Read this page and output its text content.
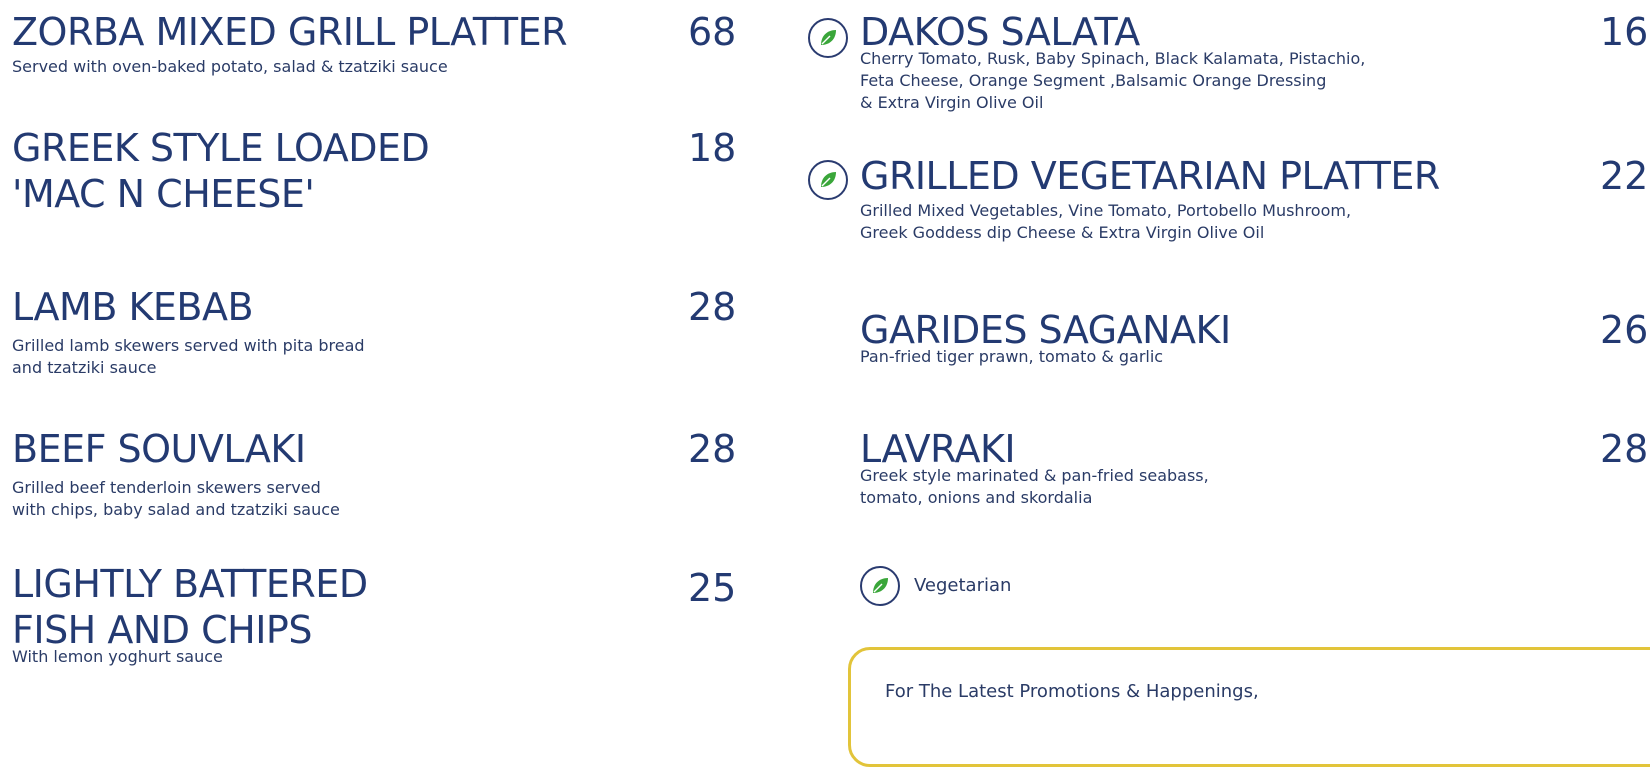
ZORBA MIXED GRILL PLATTER
Served with oven-baked potato, salad & tzatziki sauce
68
GREEK STYLE LOADED
'MAC N CHEESE'
18
LAMB KEBAB
Grilled lamb skewers served with pita bread
and tzatziki sauce
28
BEEF SOUVLAKI
Grilled beef tenderloin skewers served
with chips, baby salad and tzatziki sauce
28
LIGHTLY BATTERED
FISH AND CHIPS
With lemon yoghurt sauce
25
DAKOS SALATA
Cherry Tomato, Rusk, Baby Spinach, Black Kalamata, Pistachio,
Feta Cheese, Orange Segment ,Balsamic Orange Dressing
& Extra Virgin Olive Oil
16
GRILLED VEGETARIAN PLATTER
Grilled Mixed Vegetables, Vine Tomato, Portobello Mushroom,
Greek Goddess dip Cheese & Extra Virgin Olive Oil
22
GARIDES SAGANAKI
Pan-fried tiger prawn, tomato & garlic
26
LAVRAKI
Greek style marinated & pan-fried seabass,
tomato, onions and skordalia
28
Vegetarian
For The Latest Promotions & Happenings,
